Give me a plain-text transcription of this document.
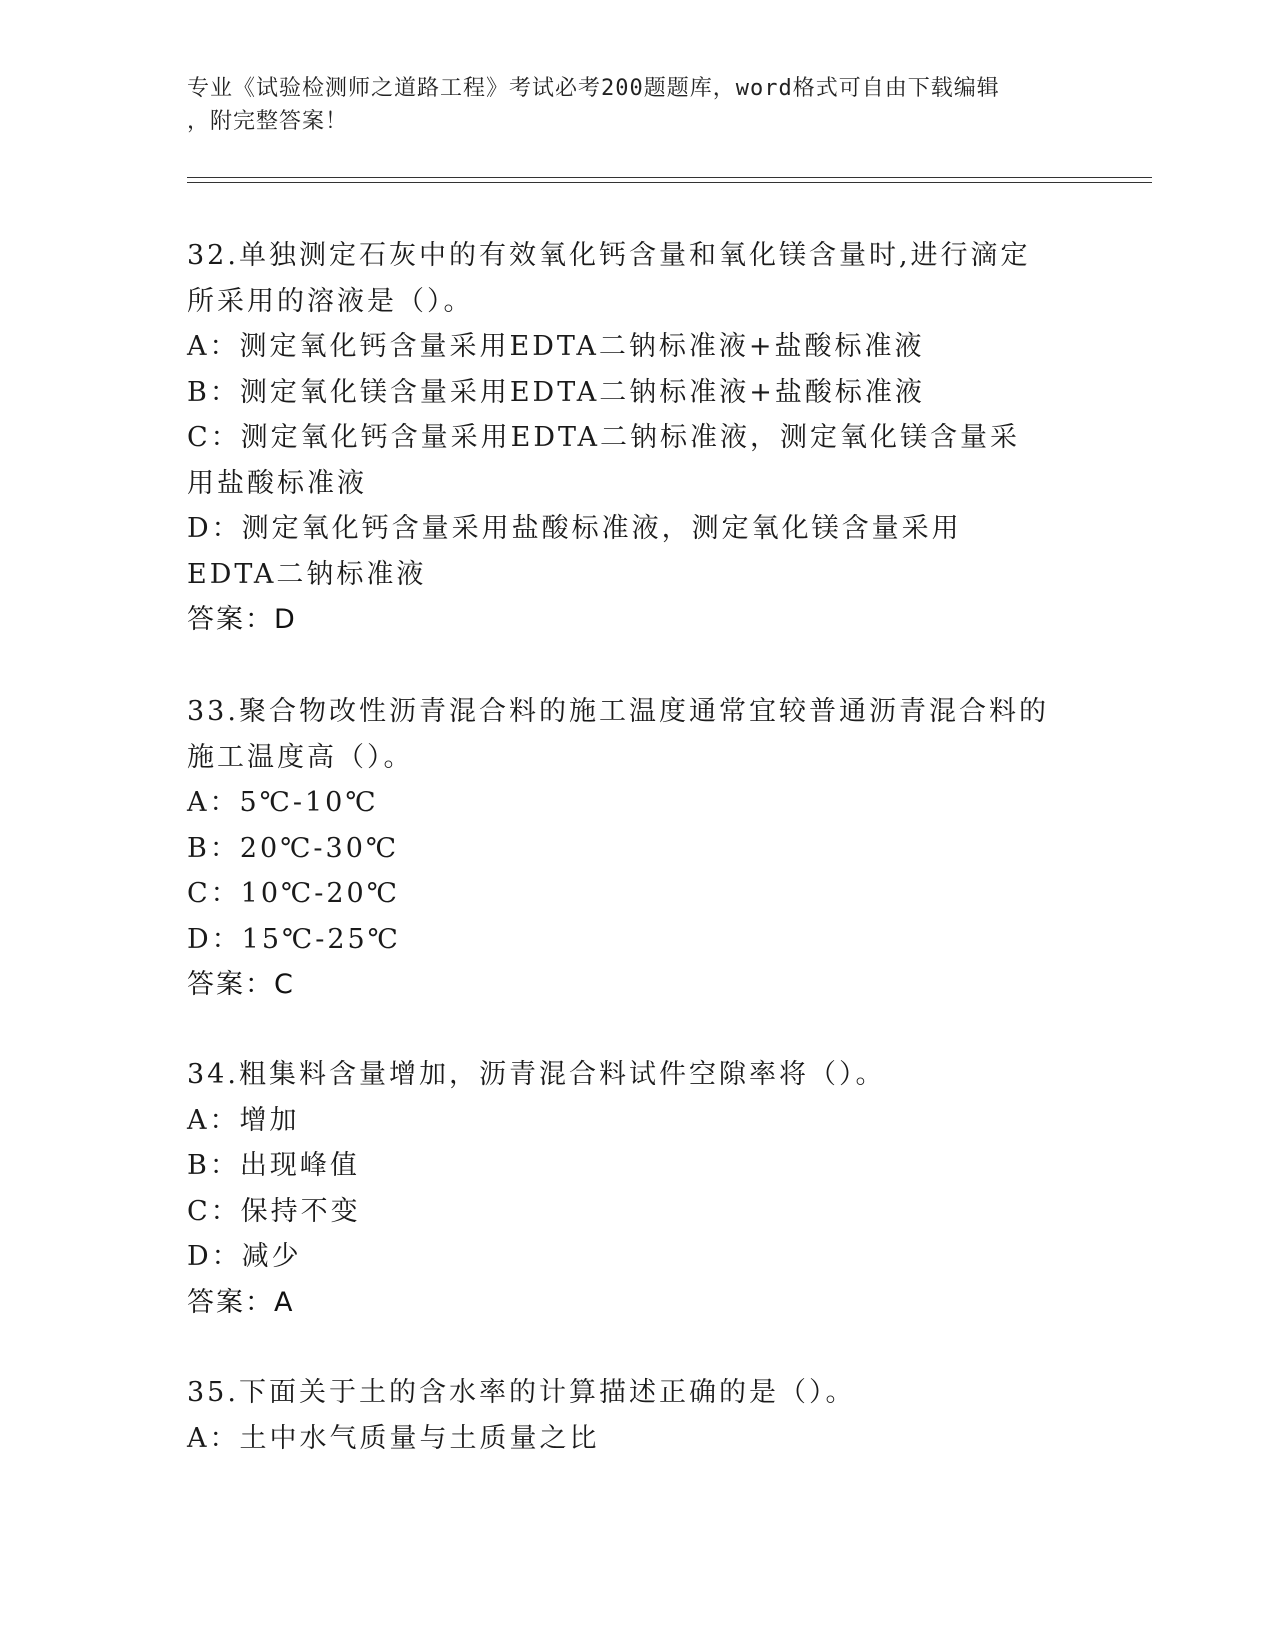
专业《试验检测师之道路工程》考试必考200题题库，word格式可自由下载编辑
，附完整答案！
32.单独测定石灰中的有效氧化钙含量和氧化镁含量时,进行滴定所采用的溶液是（）。
A：测定氧化钙含量采用EDTA二钠标准液+盐酸标准液
B：测定氧化镁含量采用EDTA二钠标准液+盐酸标准液
C：测定氧化钙含量采用EDTA二钠标准液，测定氧化镁含量采用盐酸标准液
D：测定氧化钙含量采用盐酸标准液，测定氧化镁含量采用EDTA二钠标准液
答案：D
33.聚合物改性沥青混合料的施工温度通常宜较普通沥青混合料的施工温度高（）。
A：5℃-10℃
B：20℃-30℃
C：10℃-20℃
D：15℃-25℃
答案：C
34.粗集料含量增加，沥青混合料试件空隙率将（）。
A：增加
B：出现峰值
C：保持不变
D：减少
答案：A
35.下面关于土的含水率的计算描述正确的是（）。
A：土中水气质量与土质量之比
